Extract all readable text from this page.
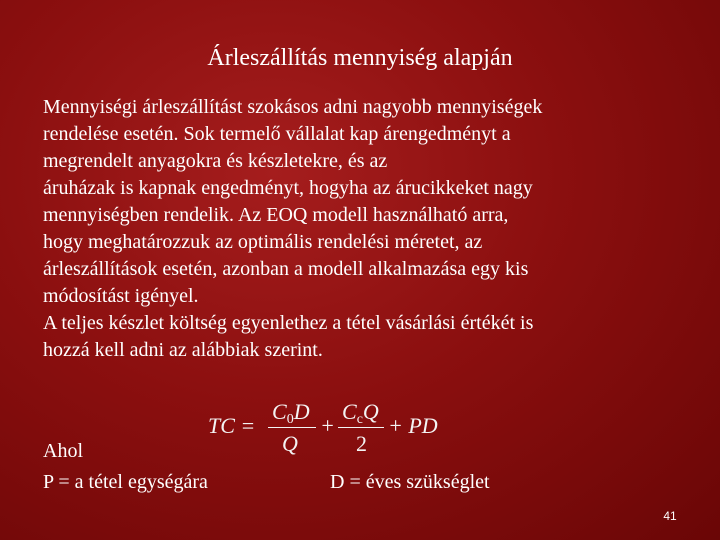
Árleszállítás mennyiség alapján
Mennyiségi árleszállítást szokásos adni nagyobb mennyiségek
rendelése esetén. Sok termelő vállalat kap árengedményt a
megrendelt anyagokra és készletekre, és az
áruházak is kapnak engedményt, hogyha az árucikkeket nagy
mennyiségben rendelik. Az EOQ modell használható arra,
hogy meghatározzuk az optimális rendelési méretet, az
árleszállítások esetén, azonban a modell alkalmazása egy kis
módosítást igényel.
A teljes készlet költség egyenlethez a tétel vásárlási értékét is
hozzá kell adni az alábbiak szerint.
TC =
$C_0D$
Q
+
$C_cQ$
2
+ PD
Ahol
P = a tétel egységára	D = éves szükséglet
41
